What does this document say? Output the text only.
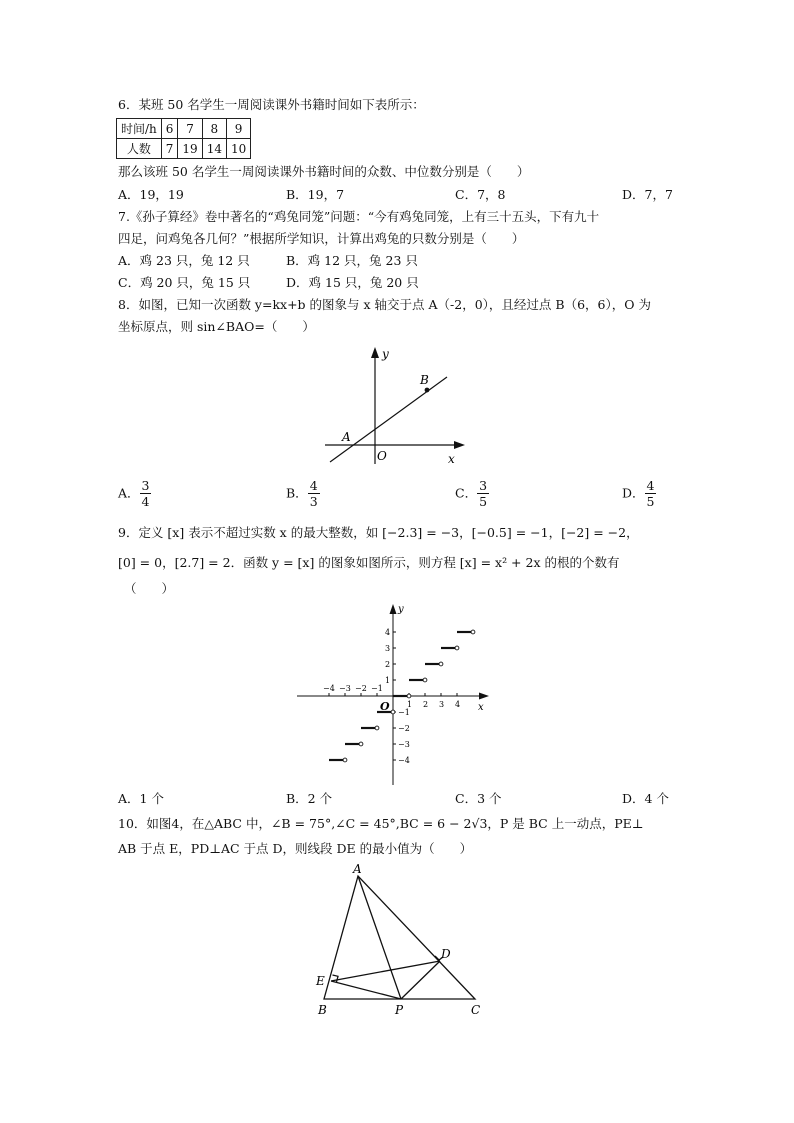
6．某班 50 名学生一周阅读课外书籍时间如下表所示：
时间/h	6	7	8	9
人数	7	19	14	10
那么该班 50 名学生一周阅读课外书籍时间的众数、中位数分别是（　　）
A．19，19	B．19，7	C．7，8	D．7，7
7.《孙子算经》卷中著名的“鸡兔同笼”问题：“今有鸡兔同笼，上有三十五头，下有九十
四足，问鸡兔各几何？”根据所学知识，计算出鸡兔的只数分别是（　　）
A．鸡 23 只，兔 12 只	B．鸡 12 只，兔 23 只
C．鸡 20 只，兔 15 只	D．鸡 15 只，兔 20 只
8．如图，已知一次函数 y=kx+b 的图象与 x 轴交于点 A（-2，0），且经过点 B（6，6），O 为
坐标原点，则 sin∠BAO=（　　）
y
x
O
A
B
A． $\frac{3}{4}$	B． $\frac{4}{3}$	C． $\frac{3}{5}$	D． $\frac{4}{5}$
9．定义 [x] 表示不超过实数 x 的最大整数，如 [−2.3] = −3，[−0.5] = −1，[−2] = −2，
[0] = 0，[2.7] = 2．函数 y = [x] 的图象如图所示，则方程 [x] = x² + 2x 的根的个数有
（　　）
y
x
O 1 2 3 4
−4 −3 −2 −1
1
2
3
4
−1
−2
−3
−4
A．1 个	B．2 个	C．3 个	D．4 个
10．如图4，在△ABC 中，∠B = 75°,∠C = 45°,BC = 6 − 2√3，P 是 BC 上一动点，PE⊥
AB 于点 E，PD⊥AC 于点 D，则线段 DE 的最小值为（　　）
A
B	C
D
E
P
